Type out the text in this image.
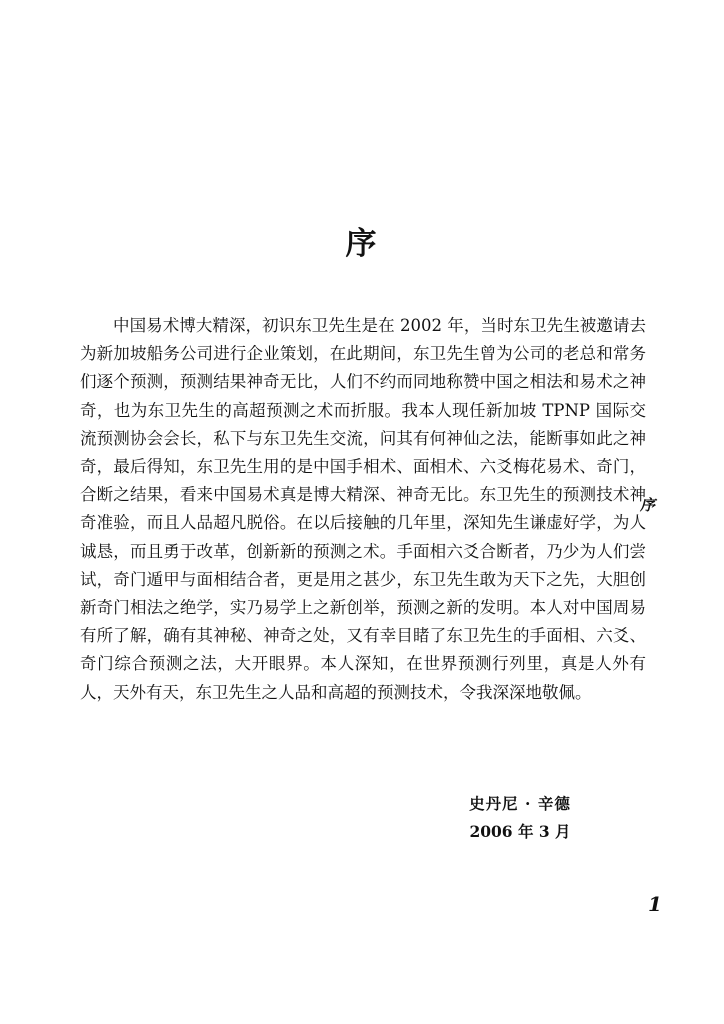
序

中国易术博大精深，初识东卫先生是在 2002 年，当时东卫先生被邀请去为新加坡船务公司进行企业策划，在此期间，东卫先生曾为公司的老总和常务们逐个预测，预测结果神奇无比，人们不约而同地称赞中国之相法和易术之神奇，也为东卫先生的高超预测之术而折服。我本人现任新加坡 TPNP 国际交流预测协会会长，私下与东卫先生交流，问其有何神仙之法，能断事如此之神奇，最后得知，东卫先生用的是中国手相术、面相术、六爻梅花易术、奇门，合断之结果，看来中国易术真是博大精深、神奇无比。东卫先生的预测技术神奇准验，而且人品超凡脱俗。在以后接触的几年里，深知先生谦虚好学，为人诚恳，而且勇于改革，创新新的预测之术。手面相六爻合断者，乃少为人们尝试，奇门遁甲与面相结合者，更是用之甚少，东卫先生敢为天下之先，大胆创新奇门相法之绝学，实乃易学上之新创举，预测之新的发明。本人对中国周易有所了解，确有其神秘、神奇之处，又有幸目睹了东卫先生的手面相、六爻、奇门综合预测之法，大开眼界。本人深知，在世界预测行列里，真是人外有人，天外有天，东卫先生之人品和高超的预测技术，令我深深地敬佩。

史丹尼 · 辛德
2006 年 3 月
序
1
